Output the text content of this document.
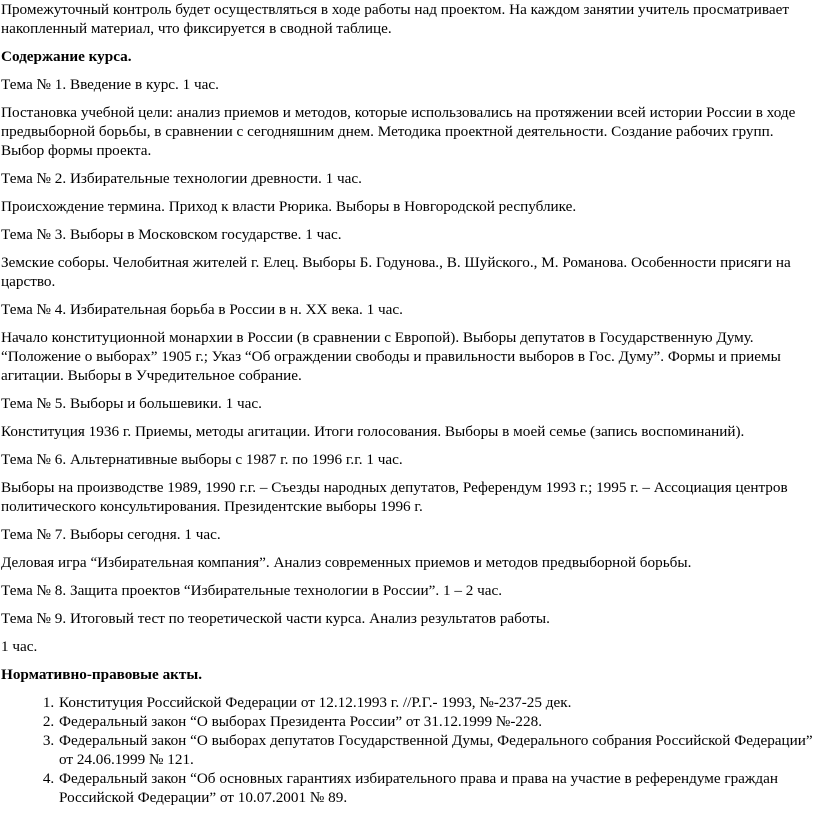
Промежуточный контроль будет осуществляться в ходе работы над проектом. На каждом занятии учитель просматривает накопленный материал, что фиксируется в сводной таблице.

Содержание курса.

Тема № 1. Введение в курс. 1 час.

Постановка учебной цели: анализ приемов и методов, которые использовались на протяжении всей истории России в ходе предвыборной борьбы, в сравнении с сегодняшним днем. Методика проектной деятельности. Создание рабочих групп. Выбор формы проекта.

Тема № 2. Избирательные технологии древности. 1 час.

Происхождение термина. Приход к власти Рюрика. Выборы в Новгородской республике.

Тема № 3. Выборы в Московском государстве. 1 час.

Земские соборы. Челобитная жителей г. Елец. Выборы Б. Годунова., В. Шуйского., М. Романова. Особенности присяги на царство.

Тема № 4. Избирательная борьба в России в н. XX века. 1 час.

Начало конституционной монархии в России (в сравнении с Европой). Выборы депутатов в Государственную Думу. “Положение о выборах” 1905 г.; Указ “Об ограждении свободы и правильности выборов в Гос. Думу”. Формы и приемы агитации. Выборы в Учредительное собрание.

Тема № 5. Выборы и большевики. 1 час.

Конституция 1936 г. Приемы, методы агитации. Итоги голосования. Выборы в моей семье (запись воспоминаний).

Тема № 6. Альтернативные выборы с 1987 г. по 1996 г.г. 1 час.

Выборы на производстве 1989, 1990 г.г. – Съезды народных депутатов, Референдум 1993 г.; 1995 г. – Ассоциация центров политического консультирования. Президентские выборы 1996 г.

Тема № 7. Выборы сегодня. 1 час.

Деловая игра “Избирательная компания”. Анализ современных приемов и методов предвыборной борьбы.

Тема № 8. Защита проектов “Избирательные технологии в России”. 1 – 2 час.

Тема № 9. Итоговый тест по теоретической части курса. Анализ результатов работы.

1 час.

Нормативно-правовые акты.

1. Конституция Российской Федерации от 12.12.1993 г. //Р.Г.- 1993, №-237-25 дек.
2. Федеральный закон “О выборах Президента России” от 31.12.1999 №-228.
3. Федеральный закон “О выборах депутатов Государственной Думы, Федерального собрания Российской Федерации” от 24.06.1999 № 121.
4. Федеральный закон “Об основных гарантиях избирательного права и права на участие в референдуме граждан Российской Федерации” от 10.07.2001 № 89.
